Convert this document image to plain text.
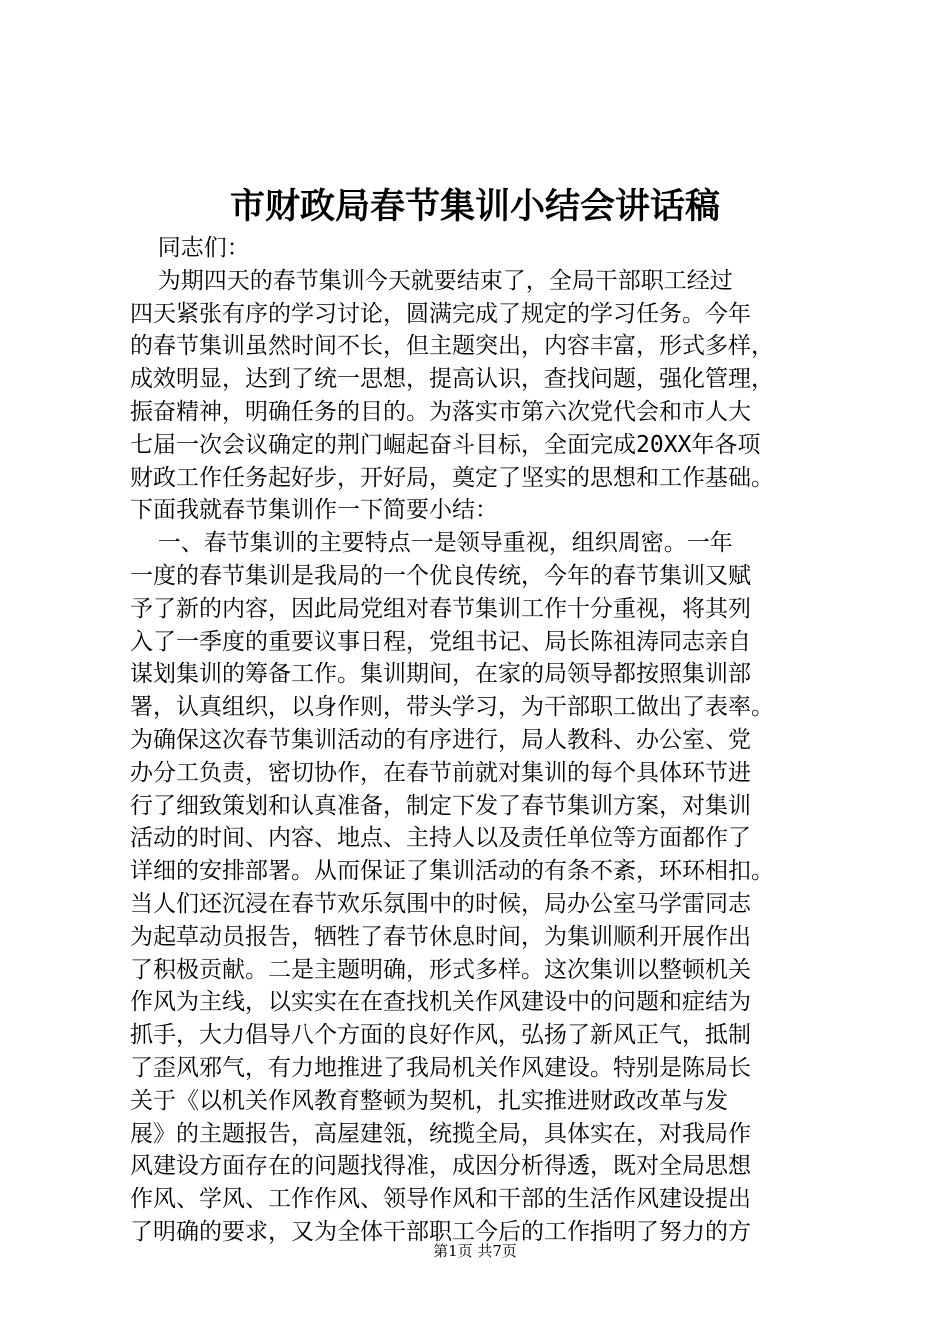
市财政局春节集训小结会讲话稿
同志们：
为期四天的春节集训今天就要结束了，全局干部职工经过
四天紧张有序的学习讨论，圆满完成了规定的学习任务。今年
的春节集训虽然时间不长，但主题突出，内容丰富，形式多样，
成效明显，达到了统一思想，提高认识，查找问题，强化管理，
振奋精神，明确任务的目的。为落实市第六次党代会和市人大
七届一次会议确定的荆门崛起奋斗目标，全面完成20XX年各项
财政工作任务起好步，开好局，奠定了坚实的思想和工作基础。
下面我就春节集训作一下简要小结：
一、春节集训的主要特点一是领导重视，组织周密。一年
一度的春节集训是我局的一个优良传统，今年的春节集训又赋
予了新的内容，因此局党组对春节集训工作十分重视，将其列
入了一季度的重要议事日程，党组书记、局长陈祖涛同志亲自
谋划集训的筹备工作。集训期间，在家的局领导都按照集训部
署，认真组织，以身作则，带头学习，为干部职工做出了表率。
为确保这次春节集训活动的有序进行，局人教科、办公室、党
办分工负责，密切协作，在春节前就对集训的每个具体环节进
行了细致策划和认真准备，制定下发了春节集训方案，对集训
活动的时间、内容、地点、主持人以及责任单位等方面都作了
详细的安排部署。从而保证了集训活动的有条不紊，环环相扣。
当人们还沉浸在春节欢乐氛围中的时候，局办公室马学雷同志
为起草动员报告，牺牲了春节休息时间，为集训顺利开展作出
了积极贡献。二是主题明确，形式多样。这次集训以整顿机关
作风为主线，以实实在在查找机关作风建设中的问题和症结为
抓手，大力倡导八个方面的良好作风，弘扬了新风正气，抵制
了歪风邪气，有力地推进了我局机关作风建设。特别是陈局长
关于《以机关作风教育整顿为契机，扎实推进财政改革与发
展》的主题报告，高屋建瓴，统揽全局，具体实在，对我局作
风建设方面存在的问题找得准，成因分析得透，既对全局思想
作风、学风、工作作风、领导作风和干部的生活作风建设提出
了明确的要求，又为全体干部职工今后的工作指明了努力的方
第1页 共7页
